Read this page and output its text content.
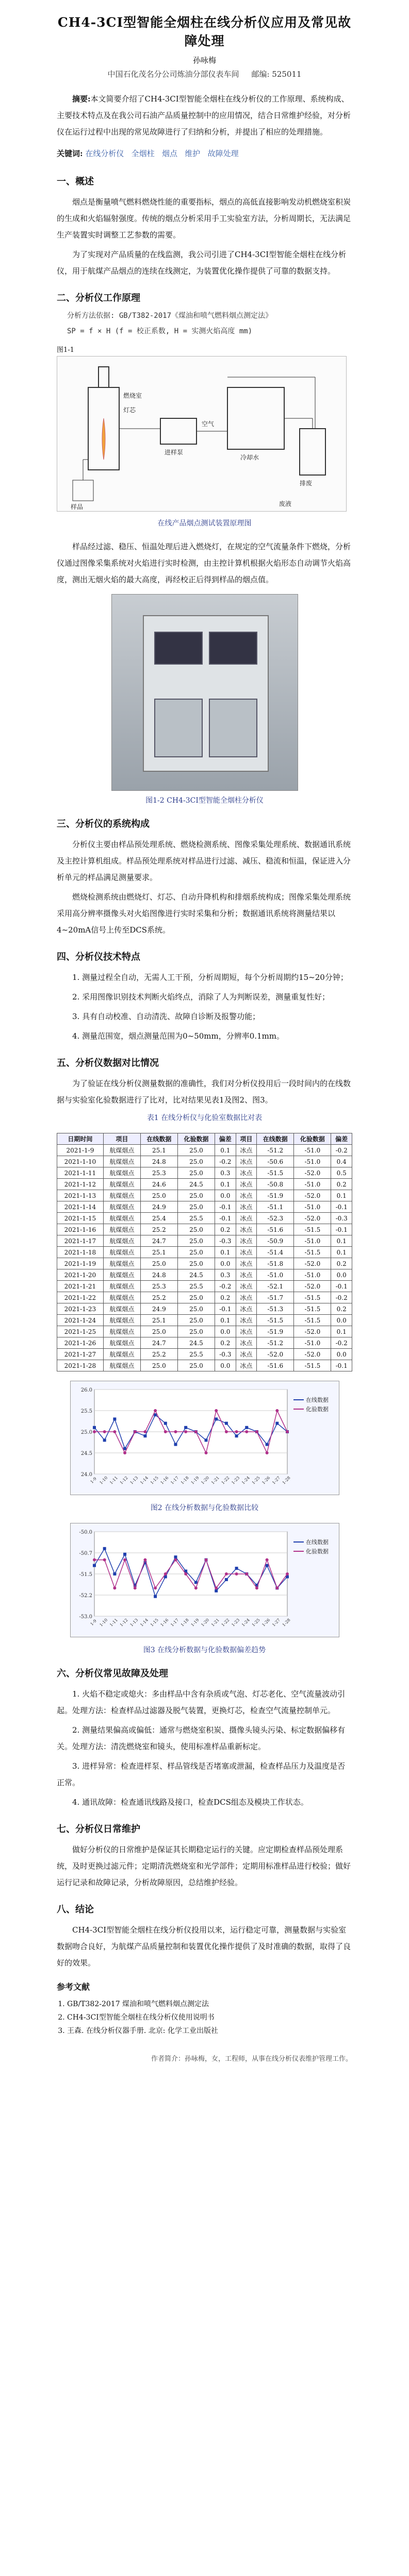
CH4-3CI型智能全烟柱在线分析仪应用及常见故障处理
孙咏梅
中国石化茂名分公司炼油分部仪表车间 邮编: 525011
摘要:本文简要介绍了CH4-3CI型智能全烟柱在线分析仪的工作原理、系统构成、主要技术特点及在我公司石油产品质量控制中的应用情况，结合日常维护经验，对分析仪在运行过程中出现的常见故障进行了归纳和分析，并提出了相应的处理措施。
关键词: 在线分析仪 全烟柱 烟点 维护 故障处理
一、概述

烟点是衡量喷气燃料燃烧性能的重要指标，烟点的高低直接影响发动机燃烧室积炭的生成和火焰辐射强度。传统的烟点分析采用手工实验室方法，分析周期长，无法满足生产装置实时调整工艺参数的需要。

为了实现对产品质量的在线监测，我公司引进了CH4-3CI型智能全烟柱在线分析仪，用于航煤产品烟点的连续在线测定，为装置优化操作提供了可靠的数据支持。

二、分析仪工作原理
分析方法依据: GB/T382-2017《煤油和喷气燃料烟点测定法》
SP = f × H (f = 校正系数, H = 实测火焰高度 mm)
图1-1
灯芯
燃烧室
进样泵
排废
冷却水
空气
样品	废液
在线产品烟点测试装置原理图

样品经过滤、稳压、恒温处理后进入燃烧灯，在规定的空气流量条件下燃烧，分析仪通过图像采集系统对火焰进行实时检测，由主控计算机根据火焰形态自动调节火焰高度，测出无烟火焰的最大高度，再经校正后得到样品的烟点值。

图1-2 CH4-3CI型智能全烟柱分析仪
三、分析仪的系统构成

分析仪主要由样品预处理系统、燃烧检测系统、图像采集处理系统、数据通讯系统及主控计算机组成。样品预处理系统对样品进行过滤、减压、稳流和恒温，保证进入分析单元的样品满足测量要求。

燃烧检测系统由燃烧灯、灯芯、自动升降机构和排烟系统构成；图像采集处理系统采用高分辨率摄像头对火焰图像进行实时采集和分析；数据通讯系统将测量结果以4~20mA信号上传至DCS系统。

四、分析仪技术特点

1. 测量过程全自动，无需人工干预，分析周期短，每个分析周期约15~20分钟；

2. 采用图像识别技术判断火焰终点，消除了人为判断误差，测量重复性好；

3. 具有自动校准、自动清洗、故障自诊断及报警功能；

4. 测量范围宽，烟点测量范围为0~50mm，分辨率0.1mm。

五、分析仪数据对比情况

为了验证在线分析仪测量数据的准确性，我们对分析仪投用后一段时间内的在线数据与实验室化验数据进行了比对，比对结果见表1及图2、图3。

表1 在线分析仪与化验室数据比对表
日期时间	项目	在线数据	化验数据	偏差	项目	在线数据	化验数据	偏差
2021-1-9	航煤烟点	25.1	25.0	0.1	冰点	-51.2	-51.0	-0.2
2021-1-10	航煤烟点	24.8	25.0	-0.2	冰点	-50.6	-51.0	0.4
2021-1-11	航煤烟点	25.3	25.0	0.3	冰点	-51.5	-52.0	0.5
2021-1-12	航煤烟点	24.6	24.5	0.1	冰点	-50.8	-51.0	0.2
2021-1-13	航煤烟点	25.0	25.0	0.0	冰点	-51.9	-52.0	0.1
2021-1-14	航煤烟点	24.9	25.0	-0.1	冰点	-51.1	-51.0	-0.1
2021-1-15	航煤烟点	25.4	25.5	-0.1	冰点	-52.3	-52.0	-0.3
2021-1-16	航煤烟点	25.2	25.0	0.2	冰点	-51.6	-51.5	-0.1
2021-1-17	航煤烟点	24.7	25.0	-0.3	冰点	-50.9	-51.0	0.1
2021-1-18	航煤烟点	25.1	25.0	0.1	冰点	-51.4	-51.5	0.1
2021-1-19	航煤烟点	25.0	25.0	0.0	冰点	-51.8	-52.0	0.2
2021-1-20	航煤烟点	24.8	24.5	0.3	冰点	-51.0	-51.0	0.0
2021-1-21	航煤烟点	25.3	25.5	-0.2	冰点	-52.1	-52.0	-0.1
2021-1-22	航煤烟点	25.2	25.0	0.2	冰点	-51.7	-51.5	-0.2
2021-1-23	航煤烟点	24.9	25.0	-0.1	冰点	-51.3	-51.5	0.2
2021-1-24	航煤烟点	25.1	25.0	0.1	冰点	-51.5	-51.5	0.0
2021-1-25	航煤烟点	25.0	25.0	0.0	冰点	-51.9	-52.0	0.1
2021-1-26	航煤烟点	24.7	24.5	0.2	冰点	-51.2	-51.0	-0.2
2021-1-27	航煤烟点	25.2	25.5	-0.3	冰点	-52.0	-52.0	0.0
2021-1-28	航煤烟点	25.0	25.0	0.0	冰点	-51.6	-51.5	-0.1
24.0
24.5
25.0
25.5
26.0
1-9 1-10 1-11 1-12 1-13 1-14 1-15 1-16 1-17 1-18 1-19 1-20 1-21 1-22 1-23 1-24 1-25 1-26 1-27 1-28
在线数据
化验数据
图2 在线分析数据与化验数据比较
-53.0
-52.2
-51.5
-50.7
-50.0
1-9 1-10 1-11 1-12 1-13 1-14 1-15 1-16 1-17 1-18 1-19 1-20 1-21 1-22 1-23 1-24 1-25 1-26 1-27 1-28
在线数据
化验数据
图3 在线分析数据与化验数据偏差趋势
六、分析仪常见故障及处理

1. 火焰不稳定或熄火：多由样品中含有杂质或气泡、灯芯老化、空气流量波动引起。处理方法：检查样品过滤器及脱气装置，更换灯芯，检查空气流量控制单元。

2. 测量结果偏高或偏低：通常与燃烧室积炭、摄像头镜头污染、标定数据偏移有关。处理方法：清洗燃烧室和镜头，使用标准样品重新标定。

3. 进样异常：检查进样泵、样品管线是否堵塞或泄漏，检查样品压力及温度是否正常。

4. 通讯故障：检查通讯线路及接口，检查DCS组态及模块工作状态。

七、分析仪日常维护

做好分析仪的日常维护是保证其长期稳定运行的关键。应定期检查样品预处理系统，及时更换过滤元件；定期清洗燃烧室和光学部件；定期用标准样品进行校验；做好运行记录和故障记录，分析故障原因，总结维护经验。

八、结论

CH4-3CI型智能全烟柱在线分析仪投用以来，运行稳定可靠，测量数据与实验室数据吻合良好，为航煤产品质量控制和装置优化操作提供了及时准确的数据，取得了良好的效果。

参考文献
1. GB/T382-2017 煤油和喷气燃料烟点测定法
2. CH4-3CI型智能全烟柱在线分析仪使用说明书
3. 王森. 在线分析仪器手册. 北京: 化学工业出版社
作者简介：孙咏梅，女，工程师，从事在线分析仪表维护管理工作。
